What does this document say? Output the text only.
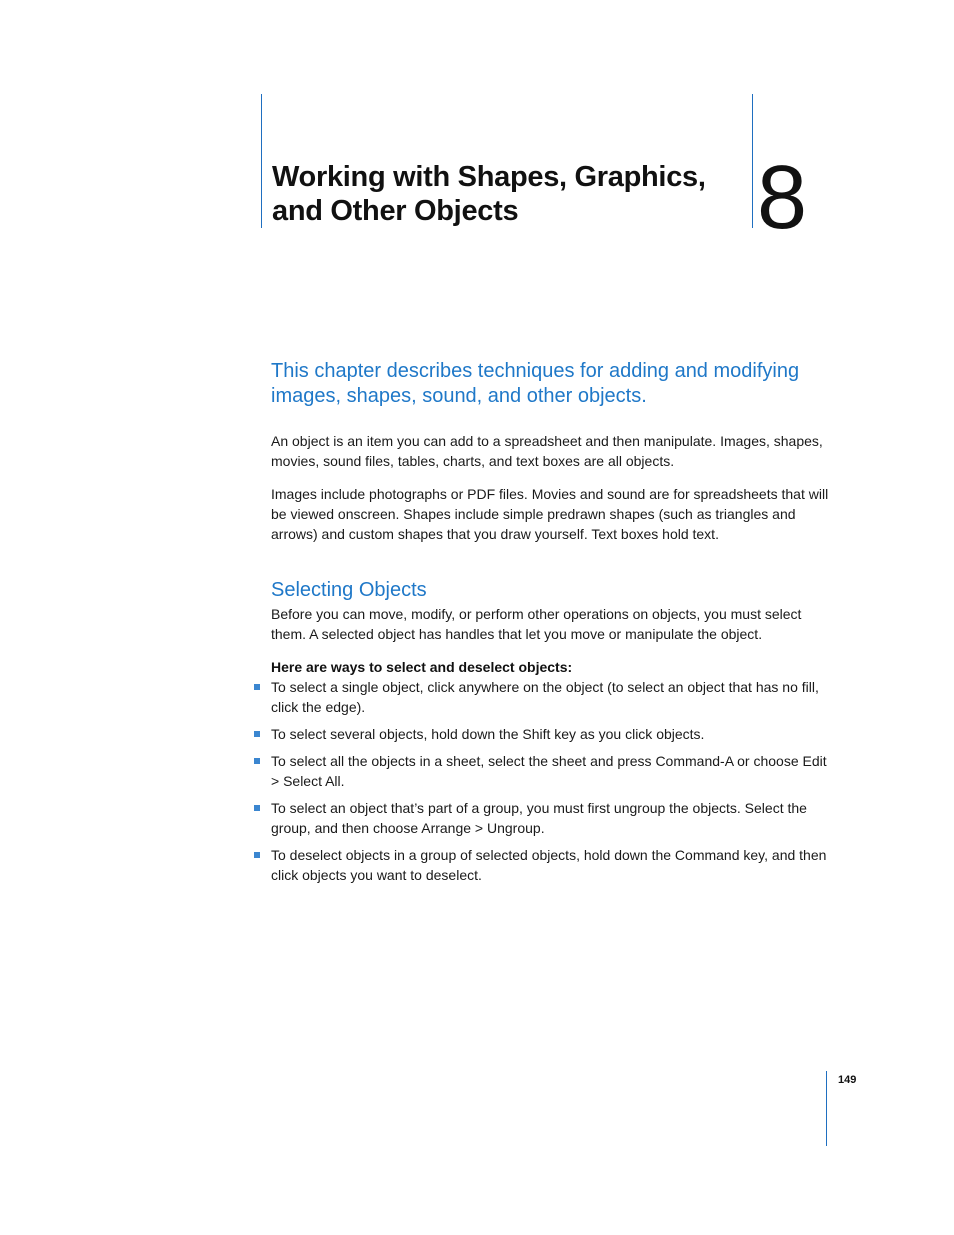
Working with Shapes, Graphics,
and Other Objects	8

This chapter describes techniques for adding and modifying images, shapes, sound, and other objects.

An object is an item you can add to a spreadsheet and then manipulate. Images, shapes, movies, sound files, tables, charts, and text boxes are all objects.

Images include photographs or PDF files. Movies and sound are for spreadsheets that will be viewed onscreen. Shapes include simple predrawn shapes (such as triangles and arrows) and custom shapes that you draw yourself. Text boxes hold text.

Selecting Objects

Before you can move, modify, or perform other operations on objects, you must select them. A selected object has handles that let you move or manipulate the object.

Here are ways to select and deselect objects:

To select a single object, click anywhere on the object (to select an object that has no fill, click the edge).
To select several objects, hold down the Shift key as you click objects.
To select all the objects in a sheet, select the sheet and press Command-A or choose Edit > Select All.
To select an object that’s part of a group, you must first ungroup the objects. Select the group, and then choose Arrange > Ungroup.
To deselect objects in a group of selected objects, hold down the Command key, and then click objects you want to deselect.
149
